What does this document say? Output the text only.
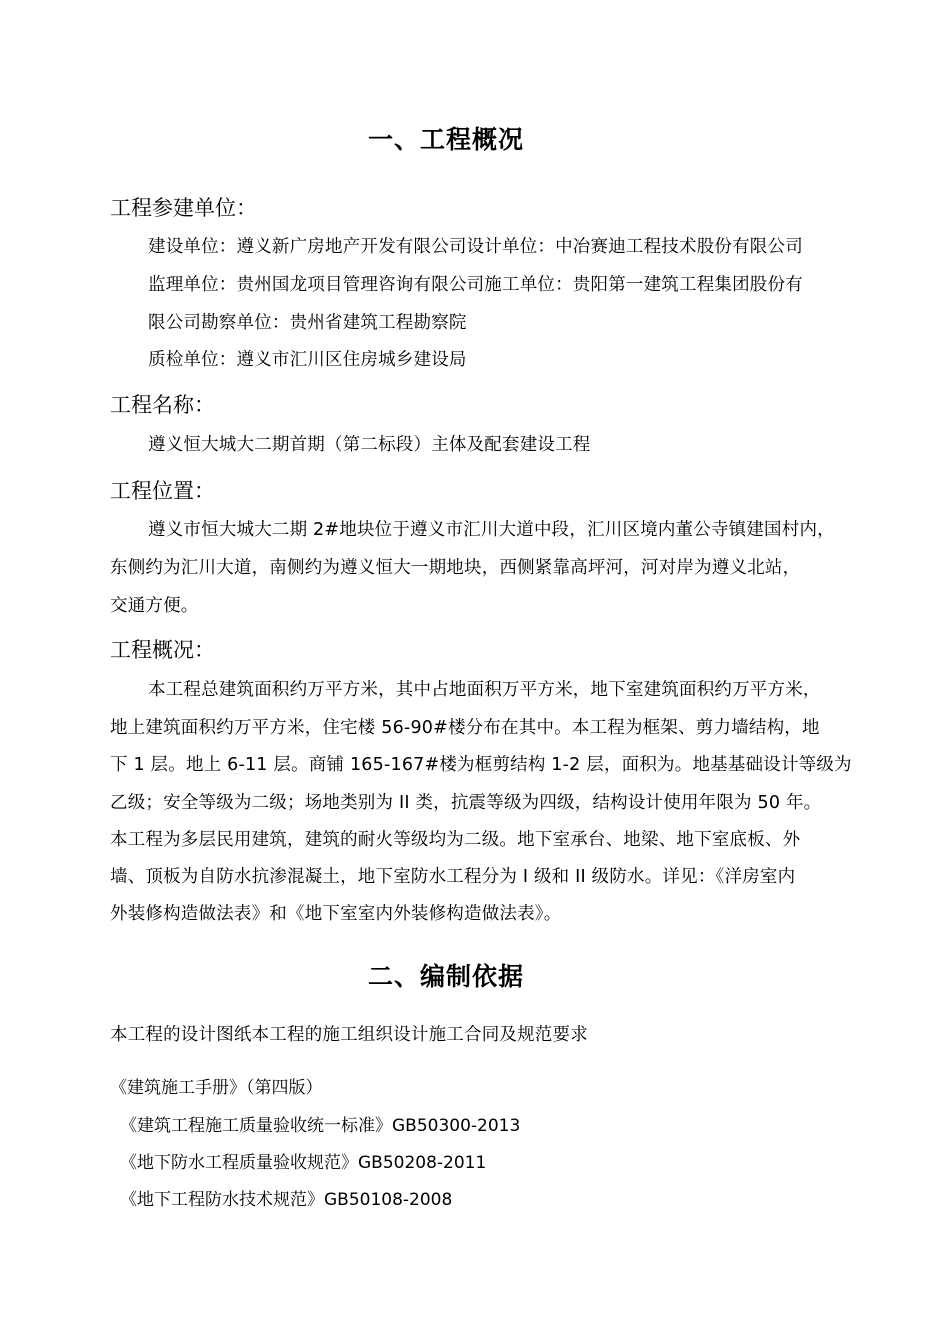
一、工程概况
工程参建单位：
建设单位：遵义新广房地产开发有限公司设计单位：中冶赛迪工程技术股份有限公司
监理单位：贵州国龙项目管理咨询有限公司施工单位：贵阳第一建筑工程集团股份有
限公司勘察单位：贵州省建筑工程勘察院
质检单位：遵义市汇川区住房城乡建设局
工程名称：
遵义恒大城大二期首期（第二标段）主体及配套建设工程
工程位置：
遵义市恒大城大二期 2#地块位于遵义市汇川大道中段，汇川区境内董公寺镇建国村内，
东侧约为汇川大道，南侧约为遵义恒大一期地块，西侧紧靠高坪河，河对岸为遵义北站，
交通方便。
工程概况：
本工程总建筑面积约万平方米，其中占地面积万平方米，地下室建筑面积约万平方米，
地上建筑面积约万平方米，住宅楼 56-90#楼分布在其中。本工程为框架、剪力墙结构，地
下 1 层。地上 6-11 层。商铺 165-167#楼为框剪结构 1-2 层，面积为。地基基础设计等级为
乙级；安全等级为二级；场地类别为 II 类，抗震等级为四级，结构设计使用年限为 50 年。
本工程为多层民用建筑，建筑的耐火等级均为二级。地下室承台、地梁、地下室底板、外
墙、顶板为自防水抗渗混凝土，地下室防水工程分为 I 级和 II 级防水。详见：《洋房室内
外装修构造做法表》和《地下室室内外装修构造做法表》。
二、编制依据
本工程的设计图纸本工程的施工组织设计施工合同及规范要求
《建筑施工手册》（第四版）
《建筑工程施工质量验收统一标准》GB50300-2013
《地下防水工程质量验收规范》GB50208-2011
《地下工程防水技术规范》GB50108-2008
